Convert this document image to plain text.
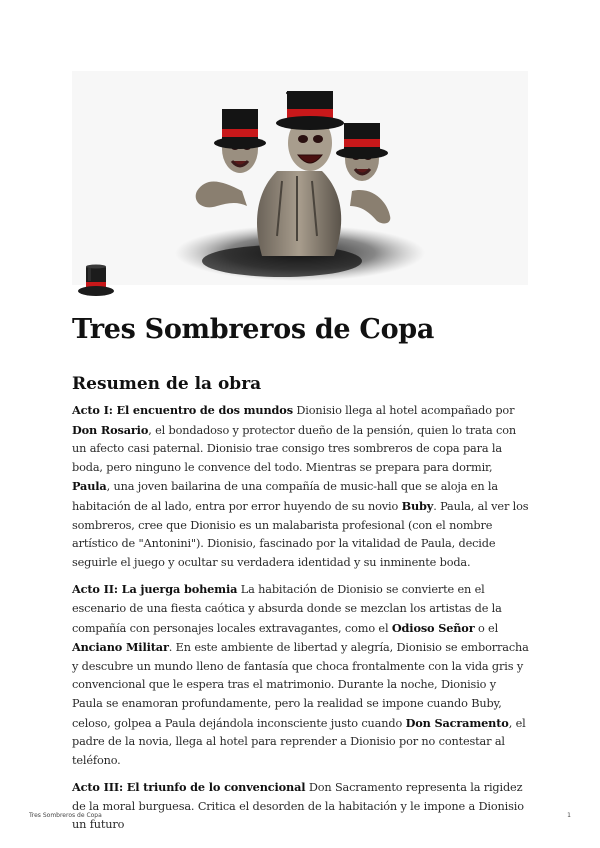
Tres Sombreros de Copa
Resumen de la obra

Acto I: El encuentro de dos mundos Dionisio llega al hotel acompañado por Don Rosario, el bondadoso y protector dueño de la pensión, quien lo trata con un afecto casi paternal. Dionisio trae consigo tres sombreros de copa para la boda, pero ninguno le convence del todo. Mientras se prepara para dormir, Paula, una joven bailarina de una compañía de music-hall que se aloja en la habitación de al lado, entra por error huyendo de su novio Buby. Paula, al ver los sombreros, cree que Dionisio es un malabarista profesional (con el nombre artístico de "Antonini"). Dionisio, fascinado por la vitalidad de Paula, decide seguirle el juego y ocultar su verdadera identidad y su inminente boda.

Acto II: La juerga bohemia La habitación de Dionisio se convierte en el escenario de una fiesta caótica y absurda donde se mezclan los artistas de la compañía con personajes locales extravagantes, como el Odioso Señor o el Anciano Militar. En este ambiente de libertad y alegría, Dionisio se emborracha y descubre un mundo lleno de fantasía que choca frontalmente con la vida gris y convencional que le espera tras el matrimonio. Durante la noche, Dionisio y Paula se enamoran profundamente, pero la realidad se impone cuando Buby, celoso, golpea a Paula dejándola inconsciente justo cuando Don Sacramento, el padre de la novia, llega al hotel para reprender a Dionisio por no contestar al teléfono.

Acto III: El triunfo de lo convencional Don Sacramento representa la rigidez de la moral burguesa. Critica el desorden de la habitación y le impone a Dionisio un futuro

Tres Sombreros de Copa	1
